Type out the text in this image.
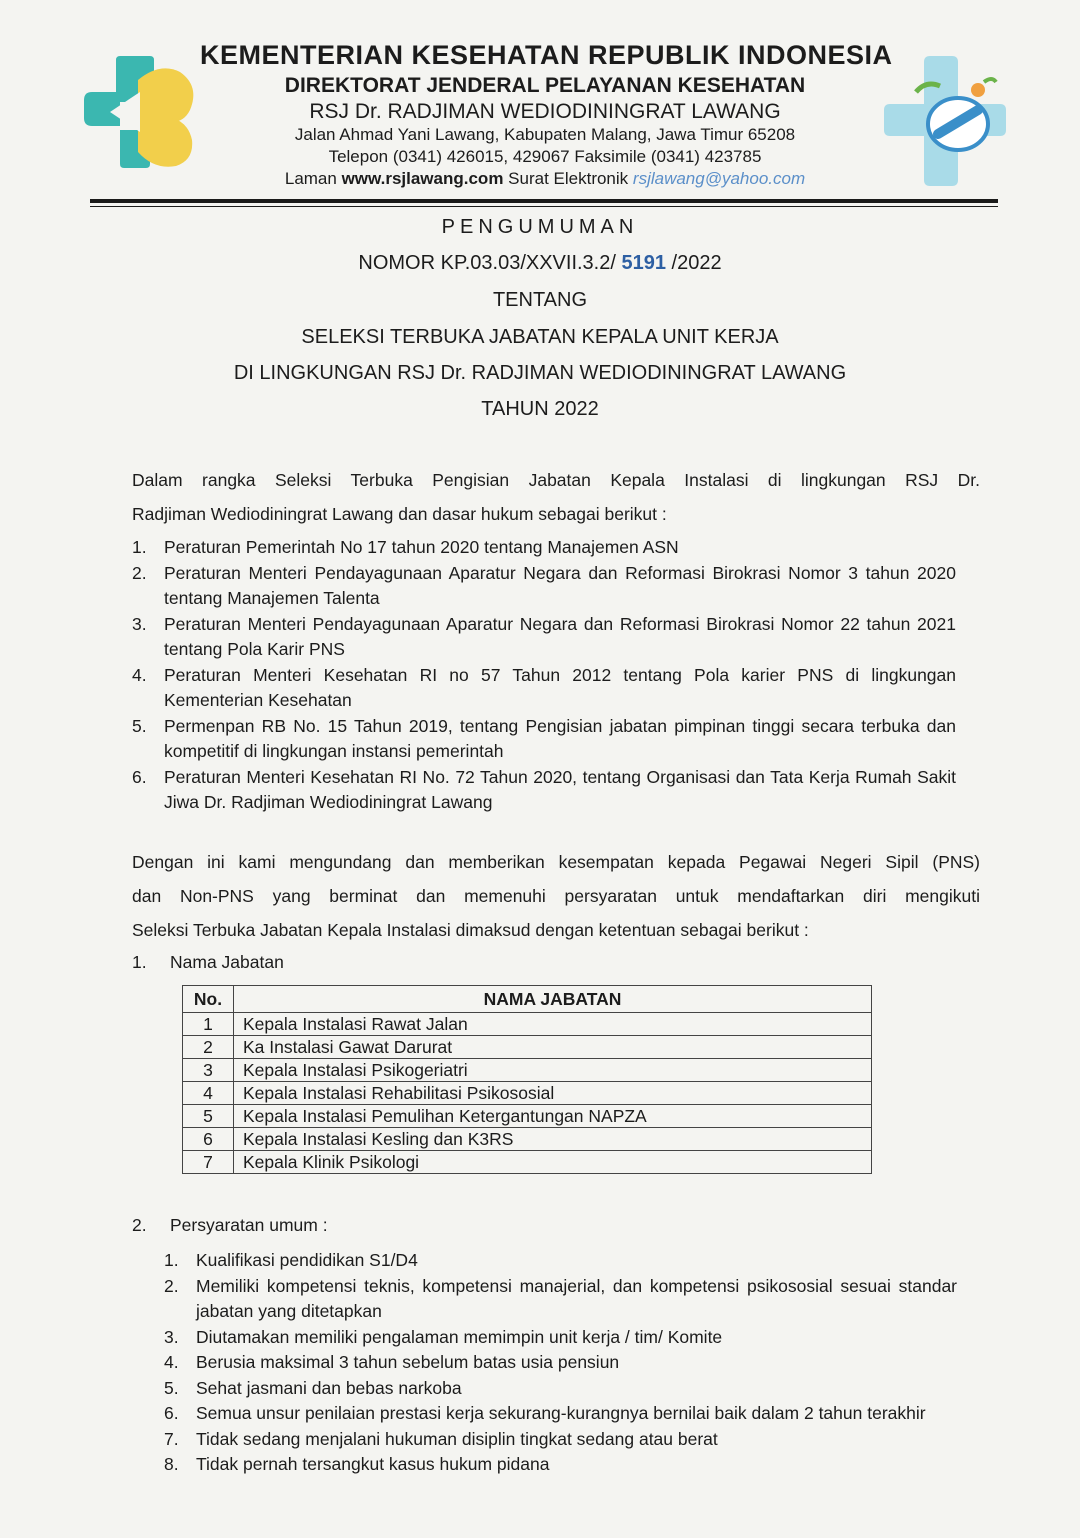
KEMENTERIAN KESEHATAN REPUBLIK INDONESIA
DIREKTORAT JENDERAL PELAYANAN KESEHATAN
RSJ Dr. RADJIMAN WEDIODININGRAT LAWANG
Jalan Ahmad Yani Lawang, Kabupaten Malang, Jawa Timur 65208
Telepon (0341) 426015, 429067 Faksimile (0341) 423785
Laman www.rsjlawang.com Surat Elektronik rsjlawang@yahoo.com
PENGUMUMAN
NOMOR KP.03.03/XXVII.3.2/ 5191 /2022
TENTANG
SELEKSI TERBUKA JABATAN KEPALA UNIT KERJA
DI LINGKUNGAN RSJ Dr. RADJIMAN WEDIODININGRAT LAWANG
TAHUN 2022
Dalam rangka Seleksi Terbuka Pengisian Jabatan Kepala Instalasi di lingkungan RSJ Dr.
Radjiman Wediodiningrat Lawang dan dasar hukum sebagai berikut :
1. Peraturan Pemerintah No 17 tahun 2020 tentang Manajemen ASN
2. Peraturan Menteri Pendayagunaan Aparatur Negara dan Reformasi Birokrasi Nomor 3 tahun 2020 tentang Manajemen Talenta
3. Peraturan Menteri Pendayagunaan Aparatur Negara dan Reformasi Birokrasi Nomor 22 tahun 2021 tentang Pola Karir PNS
4. Peraturan Menteri Kesehatan RI no 57 Tahun 2012 tentang Pola karier PNS di lingkungan Kementerian Kesehatan
5. Permenpan RB No. 15 Tahun 2019, tentang Pengisian jabatan pimpinan tinggi secara terbuka dan kompetitif di lingkungan instansi pemerintah
6. Peraturan Menteri Kesehatan RI No. 72 Tahun 2020, tentang Organisasi dan Tata Kerja Rumah Sakit Jiwa Dr. Radjiman Wediodiningrat Lawang
Dengan ini kami mengundang dan memberikan kesempatan kepada Pegawai Negeri Sipil (PNS)
dan Non-PNS yang berminat dan memenuhi persyaratan untuk mendaftarkan diri mengikuti
Seleksi Terbuka Jabatan Kepala Instalasi dimaksud dengan ketentuan sebagai berikut :
1. Nama Jabatan
No.	NAMA JABATAN
1	Kepala Instalasi Rawat Jalan
2	Ka Instalasi Gawat Darurat
3	Kepala Instalasi Psikogeriatri
4	Kepala Instalasi Rehabilitasi Psikososial
5	Kepala Instalasi Pemulihan Ketergantungan NAPZA
6	Kepala Instalasi Kesling dan K3RS
7	Kepala Klinik Psikologi
2. Persyaratan umum :
1. Kualifikasi pendidikan S1/D4
2. Memiliki kompetensi teknis, kompetensi manajerial, dan kompetensi psikososial sesuai standar jabatan yang ditetapkan
3. Diutamakan memiliki pengalaman memimpin unit kerja / tim/ Komite
4. Berusia maksimal 3 tahun sebelum batas usia pensiun
5. Sehat jasmani dan bebas narkoba
6. Semua unsur penilaian prestasi kerja sekurang-kurangnya bernilai baik dalam 2 tahun terakhir
7. Tidak sedang menjalani hukuman disiplin tingkat sedang atau berat
8. Tidak pernah tersangkut kasus hukum pidana
